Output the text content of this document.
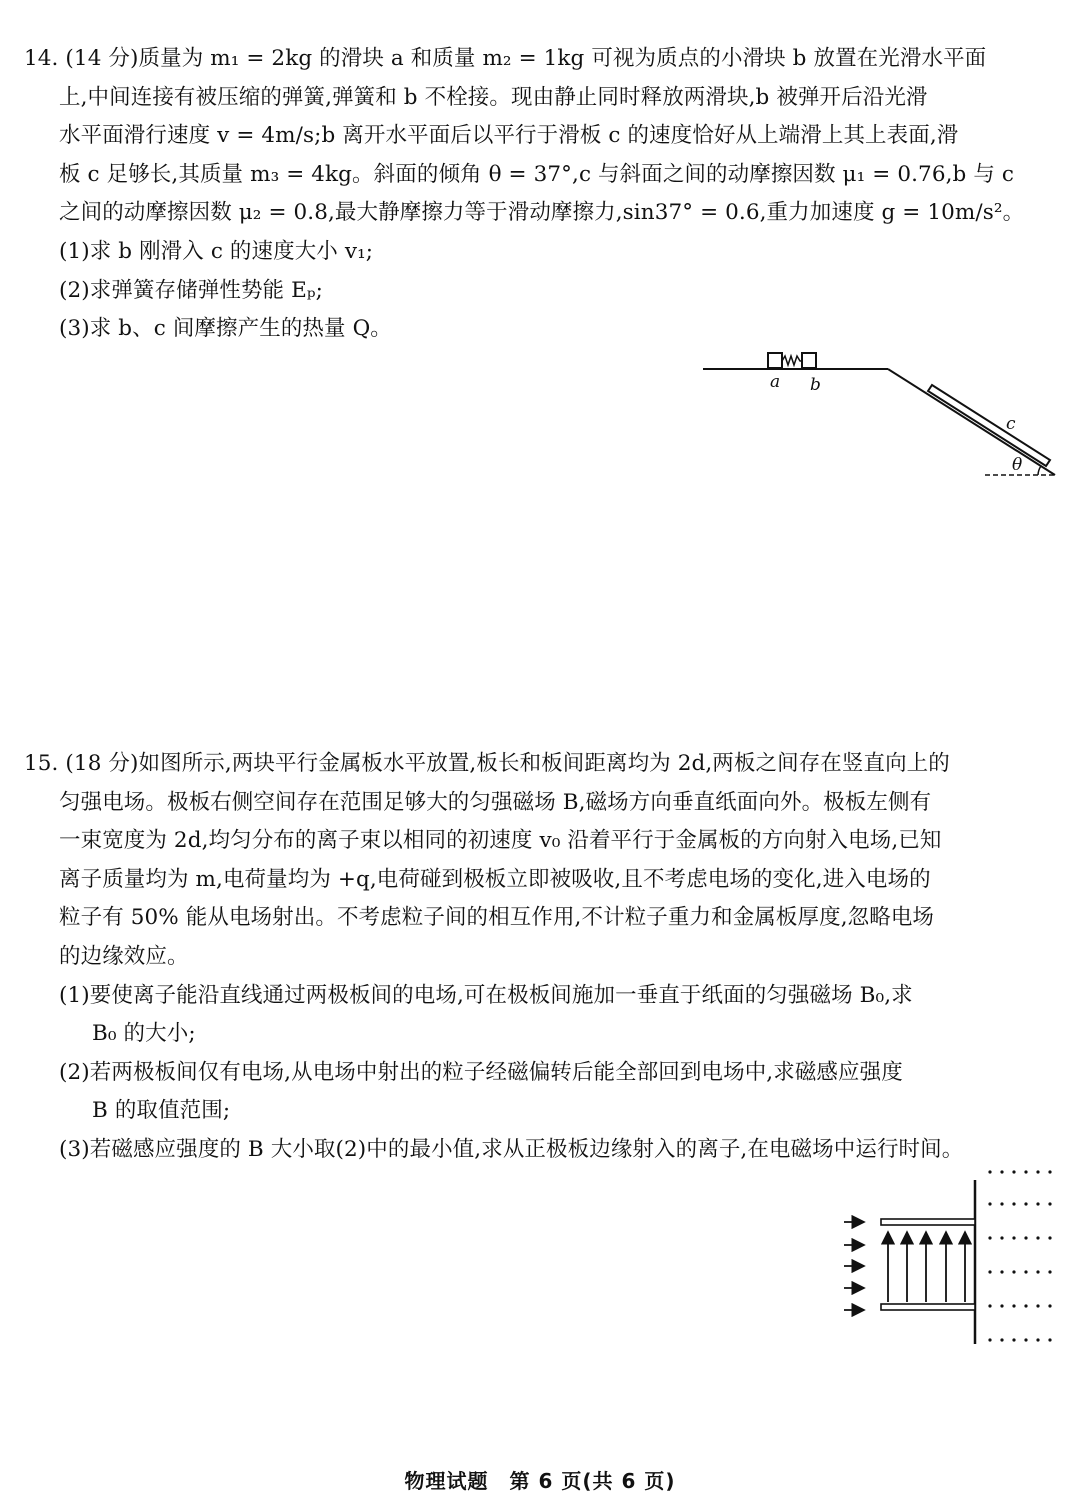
14. (14 分)质量为 m₁ = 2kg 的滑块 a 和质量 m₂ = 1kg 可视为质点的小滑块 b 放置在光滑水平面
上,中间连接有被压缩的弹簧,弹簧和 b 不栓接。现由静止同时释放两滑块,b 被弹开后沿光滑
水平面滑行速度 v = 4m/s;b 离开水平面后以平行于滑板 c 的速度恰好从上端滑上其上表面,滑
板 c 足够长,其质量 m₃ = 4kg。斜面的倾角 θ = 37°,c 与斜面之间的动摩擦因数 μ₁ = 0.76,b 与 c
之间的动摩擦因数 μ₂ = 0.8,最大静摩擦力等于滑动摩擦力,sin37° = 0.6,重力加速度 g = 10m/s²。
(1)求 b 刚滑入 c 的速度大小 v₁;
(2)求弹簧存储弹性势能 Eₚ;
(3)求 b、c 间摩擦产生的热量 Q。
a b
c
θ
15. (18 分)如图所示,两块平行金属板水平放置,板长和板间距离均为 2d,两板之间存在竖直向上的
匀强电场。极板右侧空间存在范围足够大的匀强磁场 B,磁场方向垂直纸面向外。极板左侧有
一束宽度为 2d,均匀分布的离子束以相同的初速度 v₀ 沿着平行于金属板的方向射入电场,已知
离子质量均为 m,电荷量均为 +q,电荷碰到极板立即被吸收,且不考虑电场的变化,进入电场的
粒子有 50% 能从电场射出。不考虑粒子间的相互作用,不计粒子重力和金属板厚度,忽略电场
的边缘效应。
(1)要使离子能沿直线通过两极板间的电场,可在极板间施加一垂直于纸面的匀强磁场 B₀,求
B₀ 的大小;
(2)若两极板间仅有电场,从电场中射出的粒子经磁偏转后能全部回到电场中,求磁感应强度
B 的取值范围;
(3)若磁感应强度的 B 大小取(2)中的最小值,求从正极板边缘射入的离子,在电磁场中运行时间。
物理试题　第 6 页(共 6 页)
